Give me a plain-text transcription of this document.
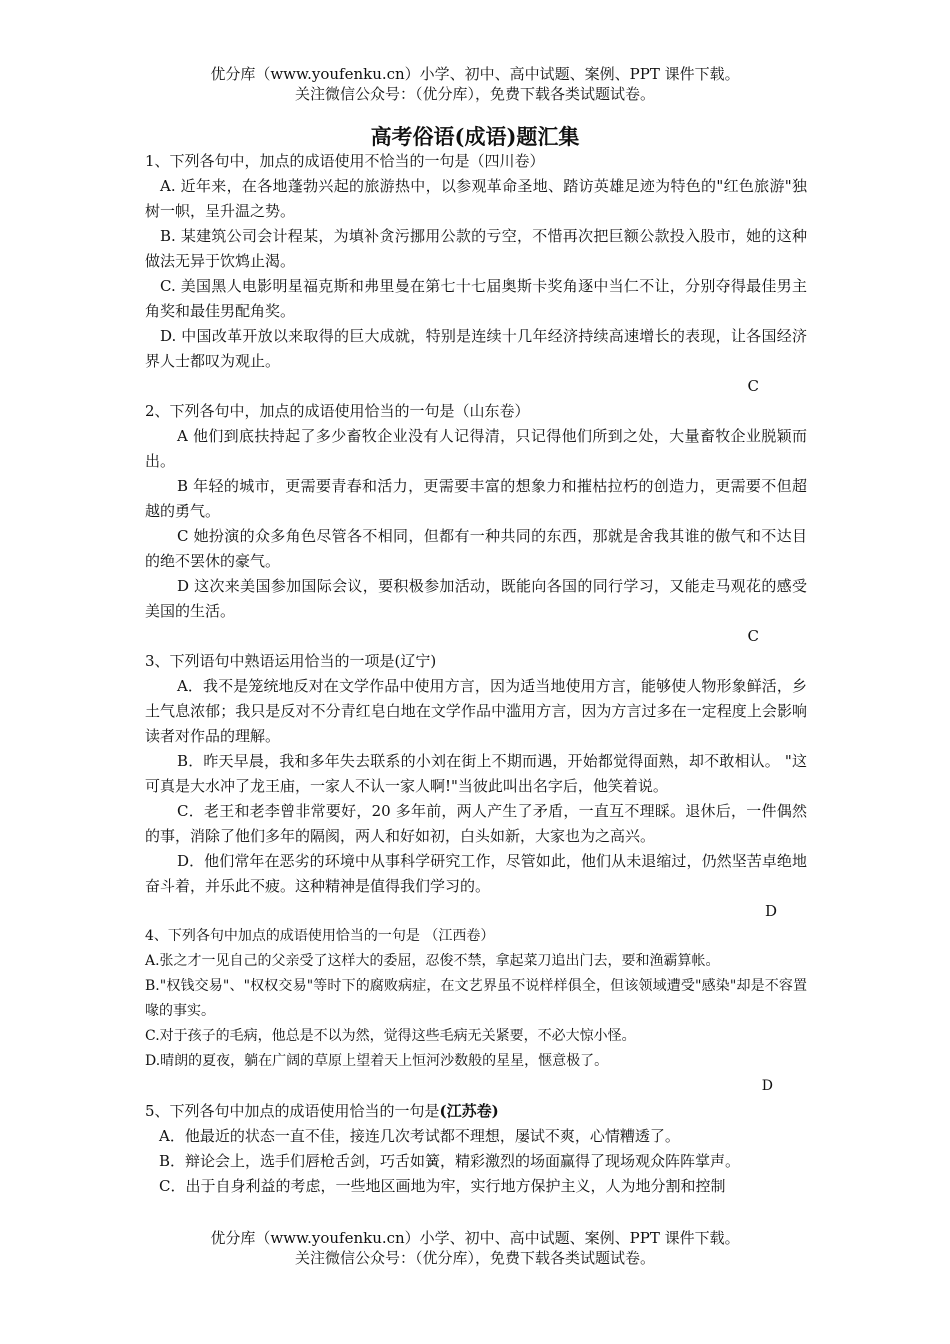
优分库（www.youfenku.cn）小学、初中、高中试题、案例、PPT 课件下载。
关注微信公众号：（优分库），免费下载各类试题试卷。
高考俗语(成语)题汇集

1、下列各句中，加点的成语使用不恰当的一句是（四川卷）

A. 近年来，在各地蓬勃兴起的旅游热中，以参观革命圣地、踏访英雄足迹为特色的"红色旅游"独树一帜，呈升温之势。

B. 某建筑公司会计程某，为填补贪污挪用公款的亏空，不惜再次把巨额公款投入股市，她的这种做法无异于饮鸩止渴。

C. 美国黑人电影明星福克斯和弗里曼在第七十七届奥斯卡奖角逐中当仁不让，分别夺得最佳男主角奖和最佳男配角奖。

D. 中国改革开放以来取得的巨大成就，特别是连续十几年经济持续高速增长的表现，让各国经济界人士都叹为观止。

C

2、下列各句中，加点的成语使用恰当的一句是（山东卷）

A 他们到底扶持起了多少畜牧企业没有人记得清，只记得他们所到之处，大量畜牧企业脱颖而出。

B 年轻的城市，更需要青春和活力，更需要丰富的想象力和摧枯拉朽的创造力，更需要不但超越的勇气。

C 她扮演的众多角色尽管各不相同，但都有一种共同的东西，那就是舍我其谁的傲气和不达目的绝不罢休的豪气。

D 这次来美国参加国际会议，要积极参加活动，既能向各国的同行学习，又能走马观花的感受美国的生活。

C

3、下列语句中熟语运用恰当的一项是(辽宁)

A．我不是笼统地反对在文学作品中使用方言，因为适当地使用方言，能够使人物形象鲜活，乡土气息浓郁；我只是反对不分青红皂白地在文学作品中滥用方言，因为方言过多在一定程度上会影响读者对作品的理解。

B．昨天早晨，我和多年失去联系的小刘在街上不期而遇，开始都觉得面熟，却不敢相认。 "这可真是大水冲了龙王庙，一家人不认一家人啊!"当彼此叫出名字后，他笑着说。

C．老王和老李曾非常要好，20 多年前，两人产生了矛盾，一直互不理睬。退休后，一件偶然的事，消除了他们多年的隔阂，两人和好如初，白头如新，大家也为之高兴。

D．他们常年在恶劣的环境中从事科学研究工作，尽管如此，他们从未退缩过，仍然坚苦卓绝地奋斗着，并乐此不疲。这种精神是值得我们学习的。

D

4、下列各句中加点的成语使用恰当的一句是 （江西卷）

A.张之才一见自己的父亲受了这样大的委屈，忍俊不禁，拿起菜刀追出门去，要和渔霸算帐。

B."权钱交易"、"权权交易"等时下的腐败病症，在文艺界虽不说样样俱全，但该领域遭受"感染"却是不容置喙的事实。

C.对于孩子的毛病，他总是不以为然，觉得这些毛病无关紧要，不必大惊小怪。

D.晴朗的夏夜，躺在广阔的草原上望着天上恒河沙数般的星星，惬意极了。

D

5、下列各句中加点的成语使用恰当的一句是(江苏卷)

A．他最近的状态一直不佳，接连几次考试都不理想，屡试不爽，心情糟透了。

B．辩论会上，选手们唇枪舌剑，巧舌如簧，精彩激烈的场面赢得了现场观众阵阵掌声。

C．出于自身利益的考虑，一些地区画地为牢，实行地方保护主义，人为地分割和控制

优分库（www.youfenku.cn）小学、初中、高中试题、案例、PPT 课件下载。
关注微信公众号：（优分库），免费下载各类试题试卷。
